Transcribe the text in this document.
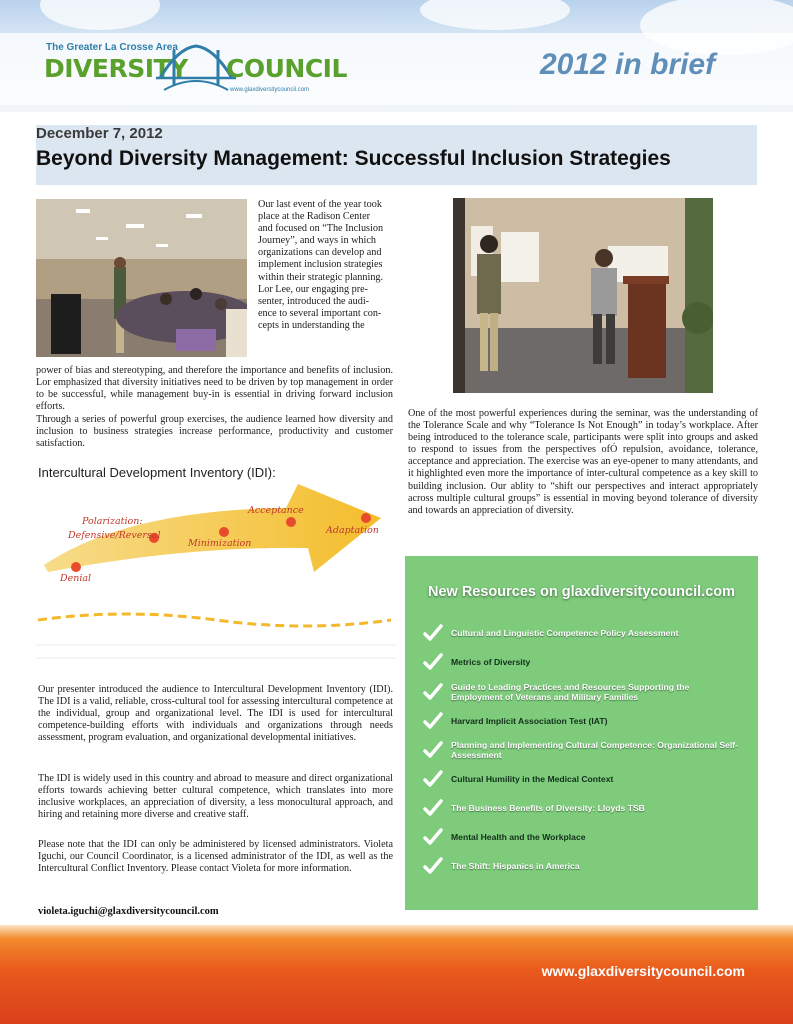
The Greater La Crosse Area
DIVERSITY COUNCIL
www.glaxdiversitycouncil.com
2012 in brief
December 7, 2012
Beyond Diversity Management: Successful Inclusion Strategies
Our last event of the year took
place at the Radison Center
and focused on “The Inclusion
Journey”, and ways in which
organizations can develop and
implement inclusion strategies
within their strategic planning.
Lor Lee, our engaging pre-
senter, introduced the audi-
ence to several important con-
cepts in understanding the
power of bias and stereotyping, and therefore the importance and benefits of inclusion. Lor emphasized that diversity initiatives need to be driven by top management in order to be successful, while management buy-in is essential in driving forward inclusion efforts.
Through a series of powerful group exercises, the audience learned how diversity and inclusion to business strategies increase performance, productivity and customer satisfaction.
One of the most powerful experiences during the seminar, was the understanding of the Tolerance Scale and why “Tolerance Is Not Enough” in today’s workplace. After being introduced to the tolerance scale, participants were split into groups and asked to respond to issues from the perspectives ofÓ repulsion, avoidance, tolerance, acceptance and appreciation. The exercise was an eye-opener to many attendants, and it highlighted even more the importance of inter-cultural competence as a key skill to building inclusion. Our ablity to “shift our perspectives and interact appropriately across multiple cultural groups” is essential in moving beyond tolerance of diversity and towards an appreciation of diversity.
Intercultural Development Inventory (IDI):
Denial
Polarization:
Defensive/Reversal
Minimization
Acceptance
Adaptation
Our presenter introduced the audience to Intercultural Development Inventory (IDI). The IDI is a valid, reliable, cross-cultural tool for assessing intercultural competence at the individual, group and organizational level. The IDI is used for intercultural competence-building efforts with individuals and organizations through needs assessment, program evaluation, and organizational developmental initiatives.
The IDI is widely used in this country and abroad to measure and direct organizational efforts towards achieving better cultural competence, which translates into more inclusive workplaces, an appreciation of diversity, a less monocultural approach, and hiring and retaining more diverse and creative staff.
Please note that the IDI can only be administered by licensed administrators. Violeta Iguchi, our Council Coordinator, is a licensed administrator of the IDI, as well as the Intercultural Conflict Inventory. Please contact Violeta for more information.
violeta.iguchi@glaxdiversitycouncil.com
New Resources on glaxdiversitycouncil.com
Cultural and Linguistic Competence Policy Assessment
Metrics of Diversity
Guide to Leading Practices and Resources Supporting the Employment of Veterans and Military Families
Harvard Implicit Association Test (IAT)
Planning and Implementing Cultural Competence: Organizational Self-Assessment
Cultural Humility in the Medical Context
The Business Benefits of Diversity: Lloyds TSB
Mental Health and the Workplace
The Shift: Hispanics in America
www.glaxdiversitycouncil.com
